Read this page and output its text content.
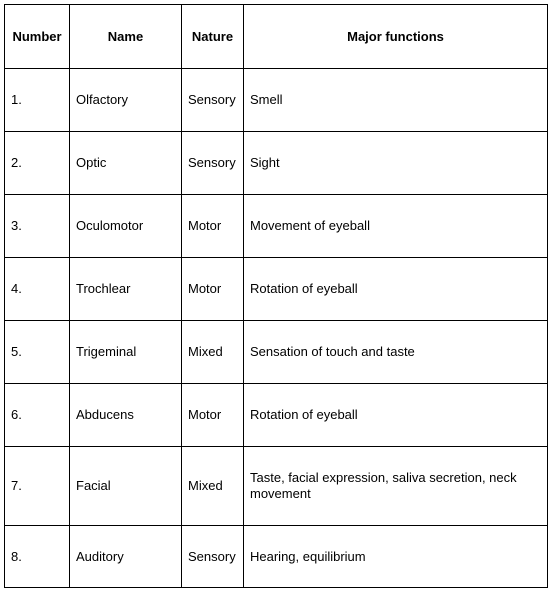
Number	Name	Nature	Major functions
1.	Olfactory	Sensory	Smell
2.	Optic	Sensory	Sight
3.	Oculomotor	Motor	Movement of eyeball
4.	Trochlear	Motor	Rotation of eyeball
5.	Trigeminal	Mixed	Sensation of touch and taste
6.	Abducens	Motor	Rotation of eyeball
7.	Facial	Mixed	Taste, facial expression, saliva secretion, neck movement
8.	Auditory	Sensory	Hearing, equilibrium
